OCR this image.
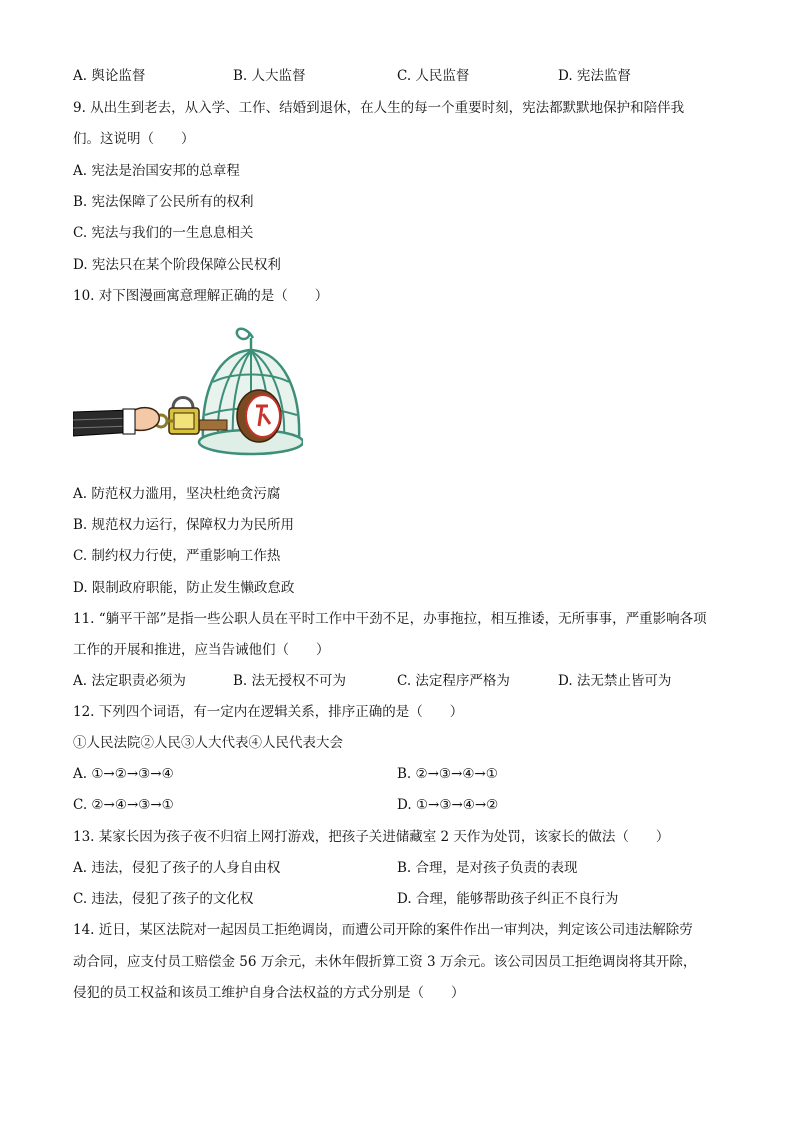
A. 舆论监督	B. 人大监督	C. 人民监督	D. 宪法监督
9. 从出生到老去，从入学、工作、结婚到退休，在人生的每一个重要时刻，宪法都默默地保护和陪伴我
们。这说明（　　）
A. 宪法是治国安邦的总章程
B. 宪法保障了公民所有的权利
C. 宪法与我们的一生息息相关
D. 宪法只在某个阶段保障公民权利
10. 对下图漫画寓意理解正确的是（　　）
A. 防范权力滥用，坚决杜绝贪污腐
B. 规范权力运行，保障权力为民所用
C. 制约权力行使，严重影响工作热
D. 限制政府职能，防止发生懒政怠政
11. “躺平干部”是指一些公职人员在平时工作中干劲不足，办事拖拉，相互推诿，无所事事，严重影响各项
工作的开展和推进，应当告诫他们（　　）
A. 法定职责必须为	B. 法无授权不可为	C. 法定程序严格为	D. 法无禁止皆可为
12. 下列四个词语，有一定内在逻辑关系，排序正确的是（　　）
①人民法院②人民③人大代表④人民代表大会
A. ①→②→③→④	B. ②→③→④→①
C. ②→④→③→①	D. ①→③→④→②
13. 某家长因为孩子夜不归宿上网打游戏，把孩子关进储藏室 2 天作为处罚，该家长的做法（　　）
A. 违法，侵犯了孩子的人身自由权	B. 合理，是对孩子负责的表现
C. 违法，侵犯了孩子的文化权	D. 合理，能够帮助孩子纠正不良行为
14. 近日，某区法院对一起因员工拒绝调岗，而遭公司开除的案件作出一审判决，判定该公司违法解除劳
动合同，应支付员工赔偿金 56 万余元，未休年假折算工资 3 万余元。该公司因员工拒绝调岗将其开除，
侵犯的员工权益和该员工维护自身合法权益的方式分别是（　　）
